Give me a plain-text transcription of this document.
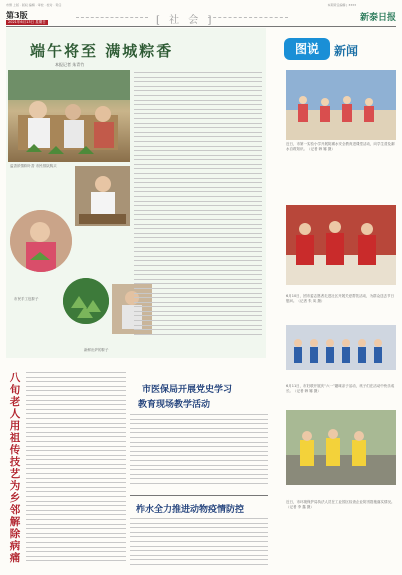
市情 上版 · 版权 编辑 · 审校 · 校对 · 责任	本期责任编辑 | 3333
第3版
2021年6月13日 星期日	[ 社 会 ]	新泰日报
端午将至 满城粽香
本报记者 朱青竹
溢香浓情粽叶香 市民排队购买
市民手工包粽子
新鲜出炉的粽子
图说	新闻
近日，市第一实验小学开展防溺水安全教育进课堂活动，向学生普及溺水自救知识。（记者 韩 娜 摄）
6月10日，团市委志愿者走进社区开展关爱帮扶活动，为群众送去节日慰问。（记者 朱 凤 摄）
6月11日，市妇联开展庆“六一”趣味亲子活动，孩子们在活动中快乐成长。（记者 韩 娜 摄）
近日，市环境保护局执法人员在工业园区检查企业防汛措施落实情况。（记者 李 鑫 摄）
八旬老人用祖传技艺为乡邻解除病痛
市医保局开展党史学习
教育现场教学活动
柞水全力推进动物疫情防控
